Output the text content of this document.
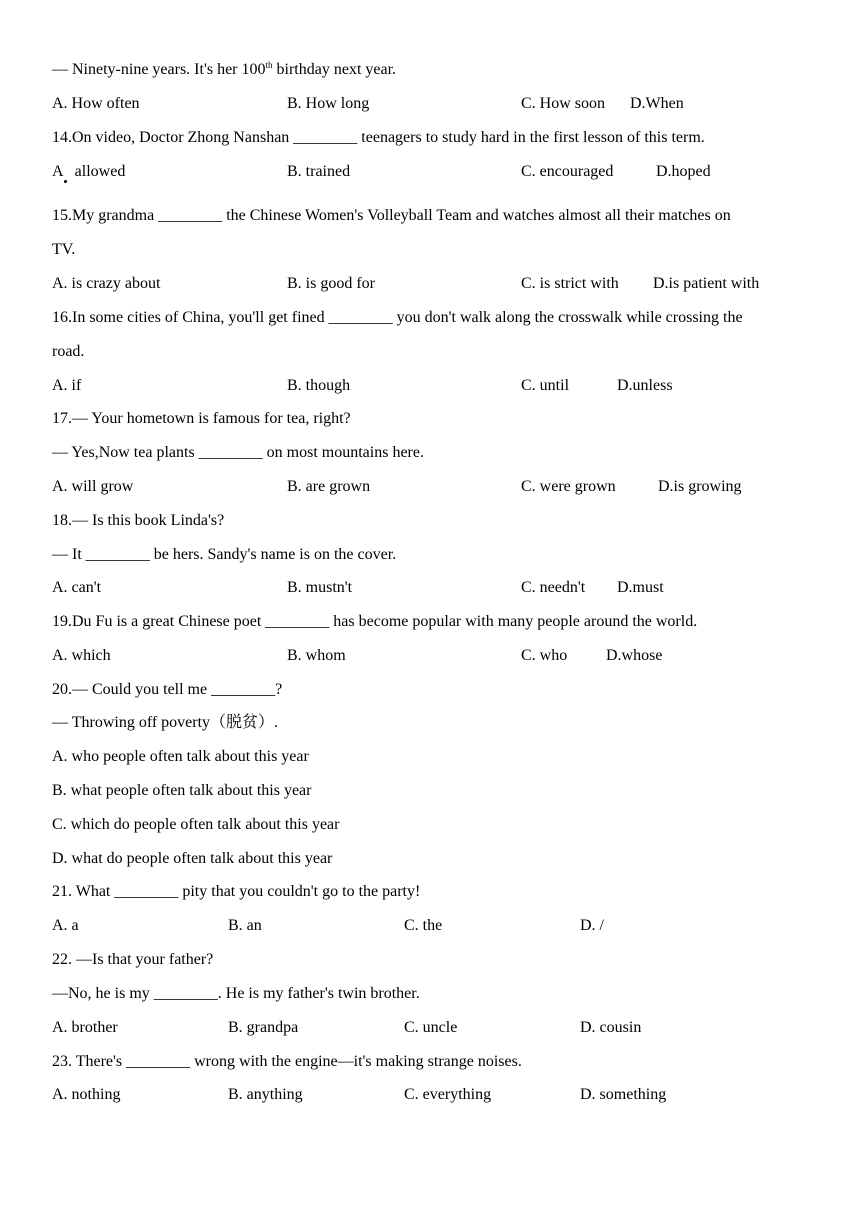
— Ninety-nine years. It's her 100th birthday next year.
A. How often	B. How long	C. How soon D.When
14.On video, Doctor Zhong Nanshan ________ teenagers to study hard in the first lesson of this term.
A   allowed	B. trained	C. encouraged	D.hoped
15.My grandma ________ the Chinese Women's Volleyball Team and watches almost all their matches on
TV.
A. is crazy about	B. is good for	C. is strict with D.is patient with
16.In some cities of China, you'll get fined ________ you don't walk along the crosswalk while crossing the
road.
A. if	B. though	C. until	D.unless
17.— Your hometown is famous for tea, right?
— Yes,Now tea plants ________ on most mountains here.
A. will grow	B. are grown	C. were grown	D.is growing
18.— Is this book Linda's?
— It ________ be hers. Sandy's name is on the cover.
A. can't	B. mustn't	C. needn't D.must
19.Du Fu is a great Chinese poet ________ has become popular with many people around the world.
A. which	B. whom	C. who D.whose
20.— Could you tell me ________?
— Throwing off poverty（脱贫）.
A. who people often talk about this year
B. what people often talk about this year
C. which do people often talk about this year
D. what do people often talk about this year
21. What ________ pity that you couldn't go to the party!
A. a	B. an	C. the	D. /
22. —Is that your father?
—No, he is my ________. He is my father's twin brother.
A. brother	B. grandpa	C. uncle	D. cousin
23. There's ________ wrong with the engine—it's making strange noises.
A. nothing	B. anything	C. everything	D. something
